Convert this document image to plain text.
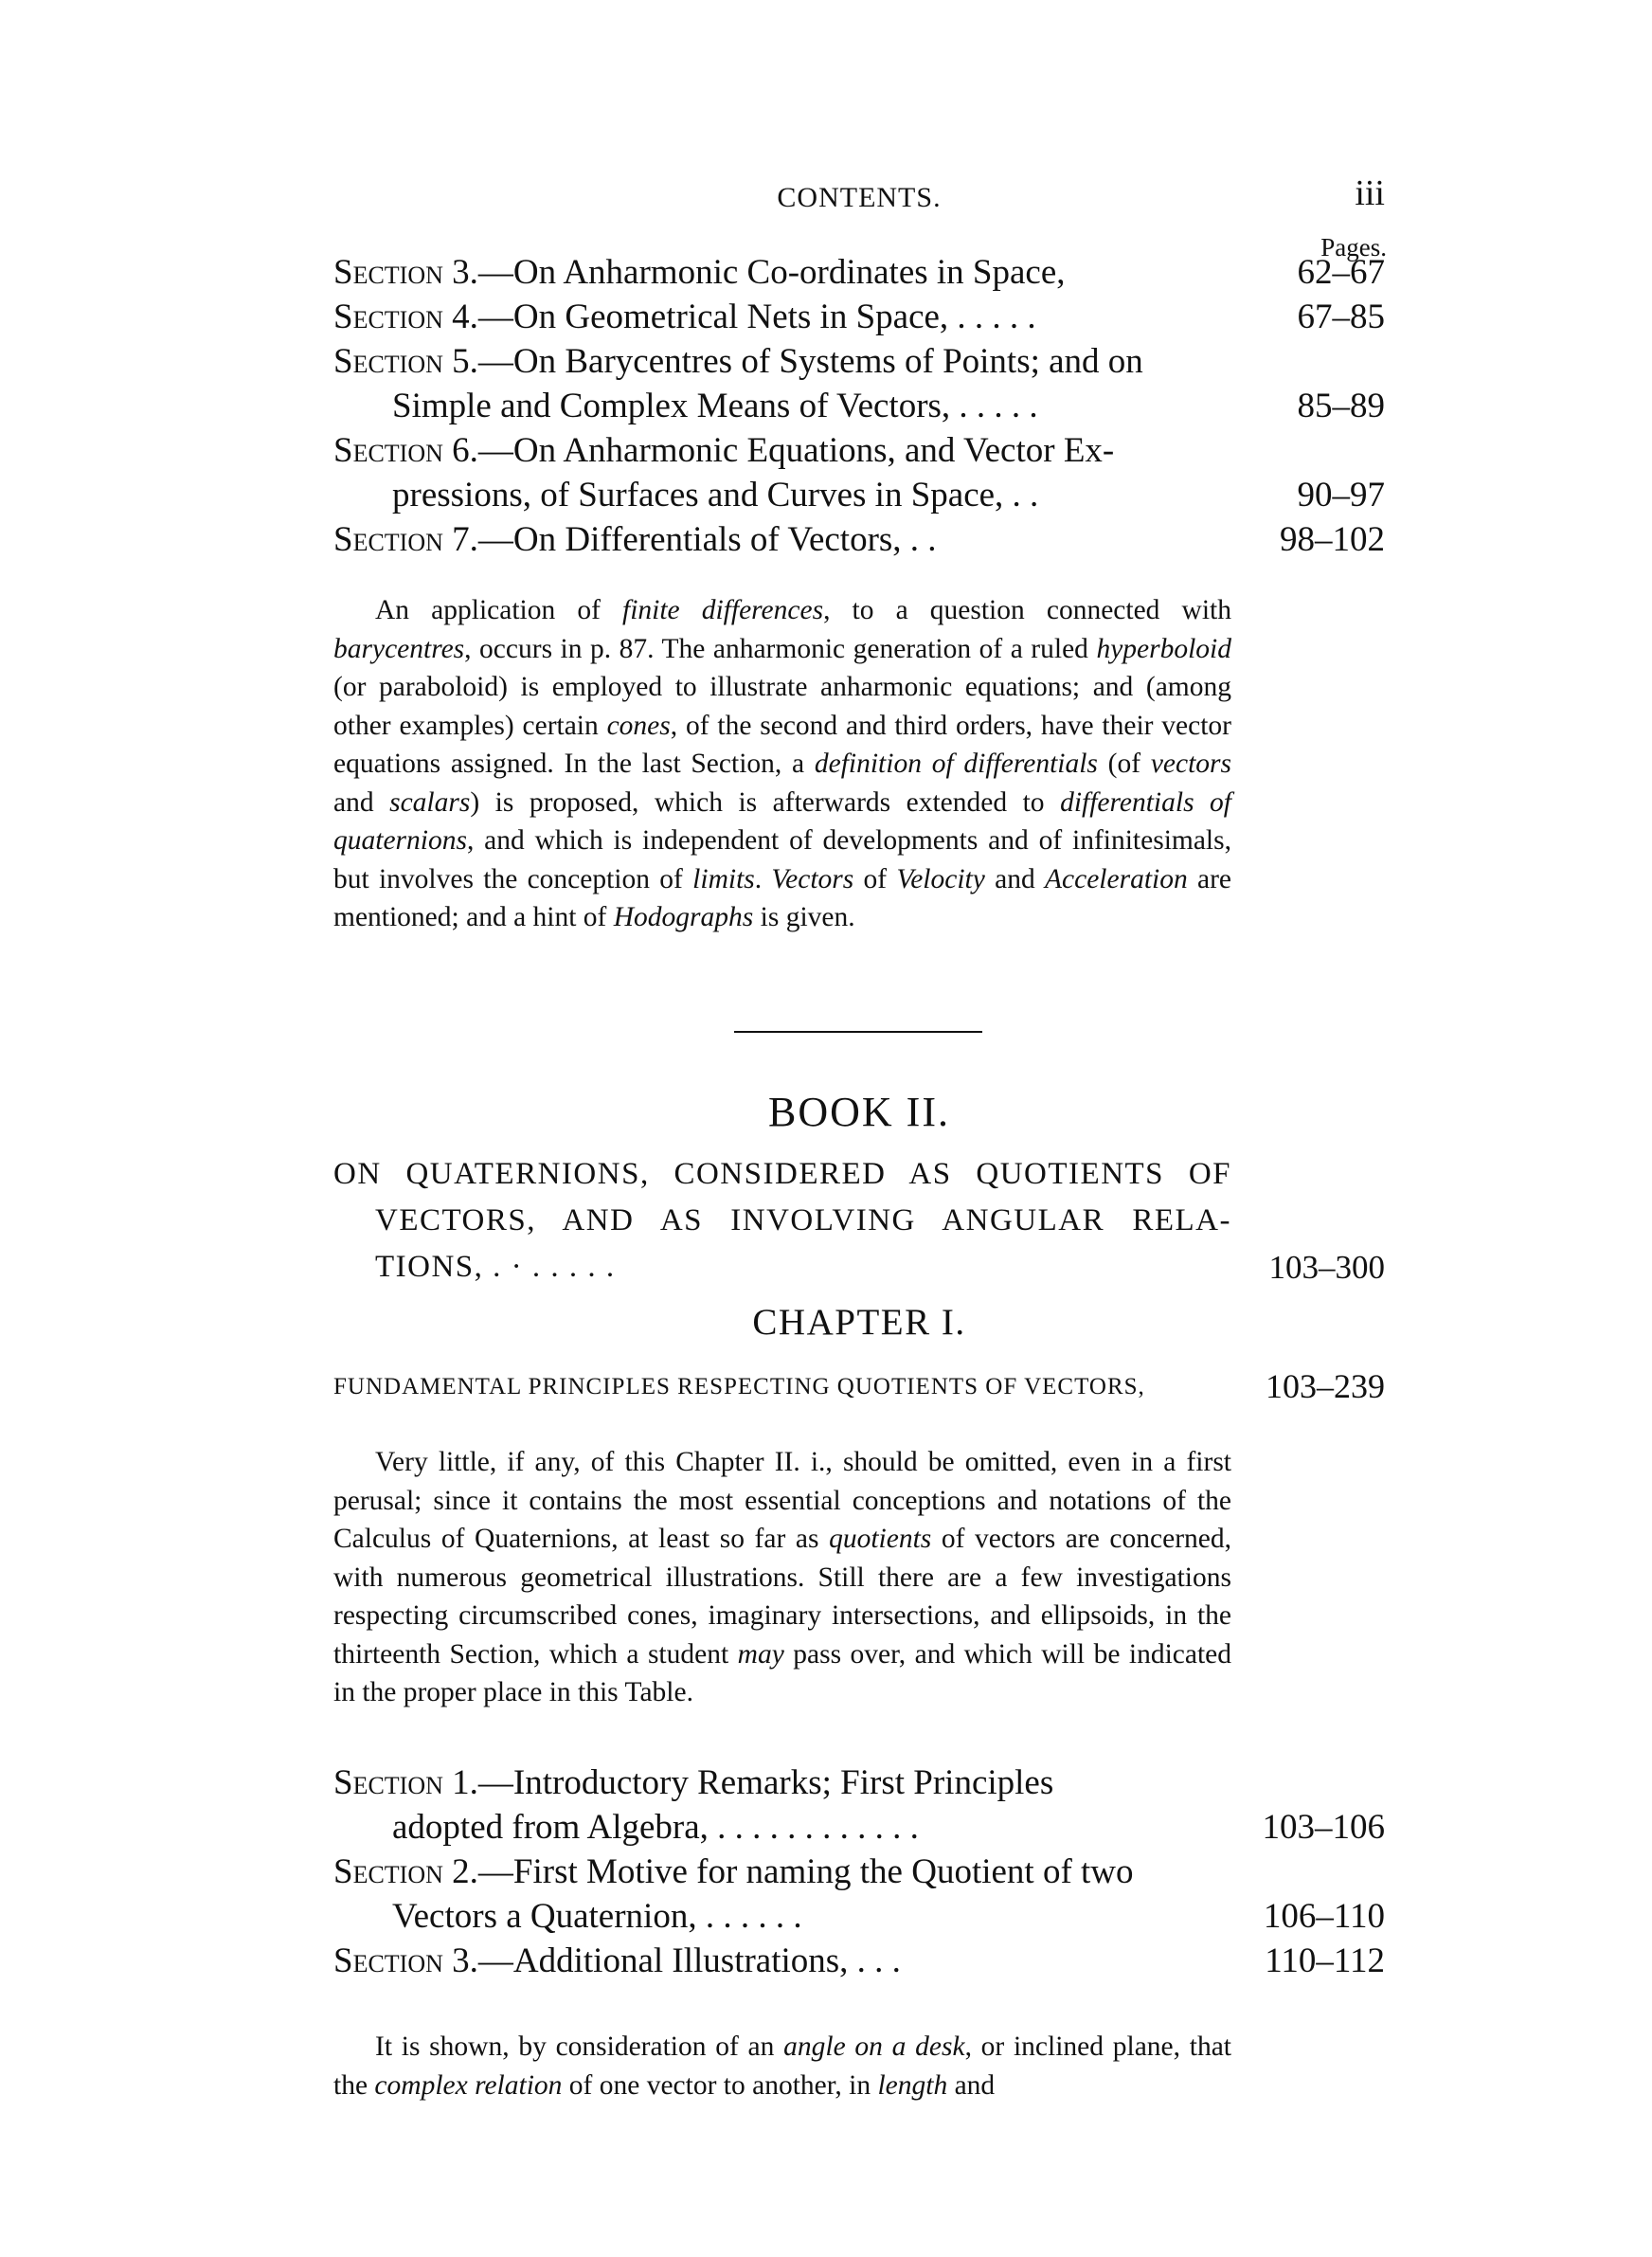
CONTENTS.	iii
Pages.
Section 3.—On Anharmonic Co-ordinates in Space,	62–67
Section 4.—On Geometrical Nets in Space, . . . . .	67–85
Section 5.—On Barycentres of Systems of Points; and on
Simple and Complex Means of Vectors, . . . . .	85–89
Section 6.—On Anharmonic Equations, and Vector Ex-
pressions, of Surfaces and Curves in Space, . .	90–97
Section 7.—On Differentials of Vectors, . .	98–102
An application of finite differences, to a question connected with barycentres, occurs in p. 87. The anharmonic generation of a ruled hyperboloid (or paraboloid) is employed to illustrate anharmonic equations; and (among other examples) certain cones, of the second and third orders, have their vector equations assigned. In the last Section, a definition of differentials (of vectors and scalars) is proposed, which is afterwards extended to differentials of quaternions, and which is independent of developments and of infinitesimals, but involves the conception of limits. Vectors of Velocity and Acceleration are mentioned; and a hint of Hodographs is given.
BOOK II.
ON QUATERNIONS, CONSIDERED AS QUOTIENTS OF
VECTORS, AND AS INVOLVING ANGULAR RELA-
TIONS, . · . . . . .	103–300
CHAPTER I.
FUNDAMENTAL PRINCIPLES RESPECTING QUOTIENTS OF VECTORS,	103–239
Very little, if any, of this Chapter II. i., should be omitted, even in a first perusal; since it contains the most essential conceptions and notations of the Calculus of Quaternions, at least so far as quotients of vectors are concerned, with numerous geometrical illustrations. Still there are a few investigations respecting circumscribed cones, imaginary intersections, and ellipsoids, in the thirteenth Section, which a student may pass over, and which will be indicated in the proper place in this Table.
Section 1.—Introductory Remarks; First Principles
adopted from Algebra, . . . . . . . . . . . .	103–106
Section 2.—First Motive for naming the Quotient of two
Vectors a Quaternion, . . . . . .	106–110
Section 3.—Additional Illustrations, . . .	110–112
It is shown, by consideration of an angle on a desk, or inclined plane, that the complex relation of one vector to another, in length and
